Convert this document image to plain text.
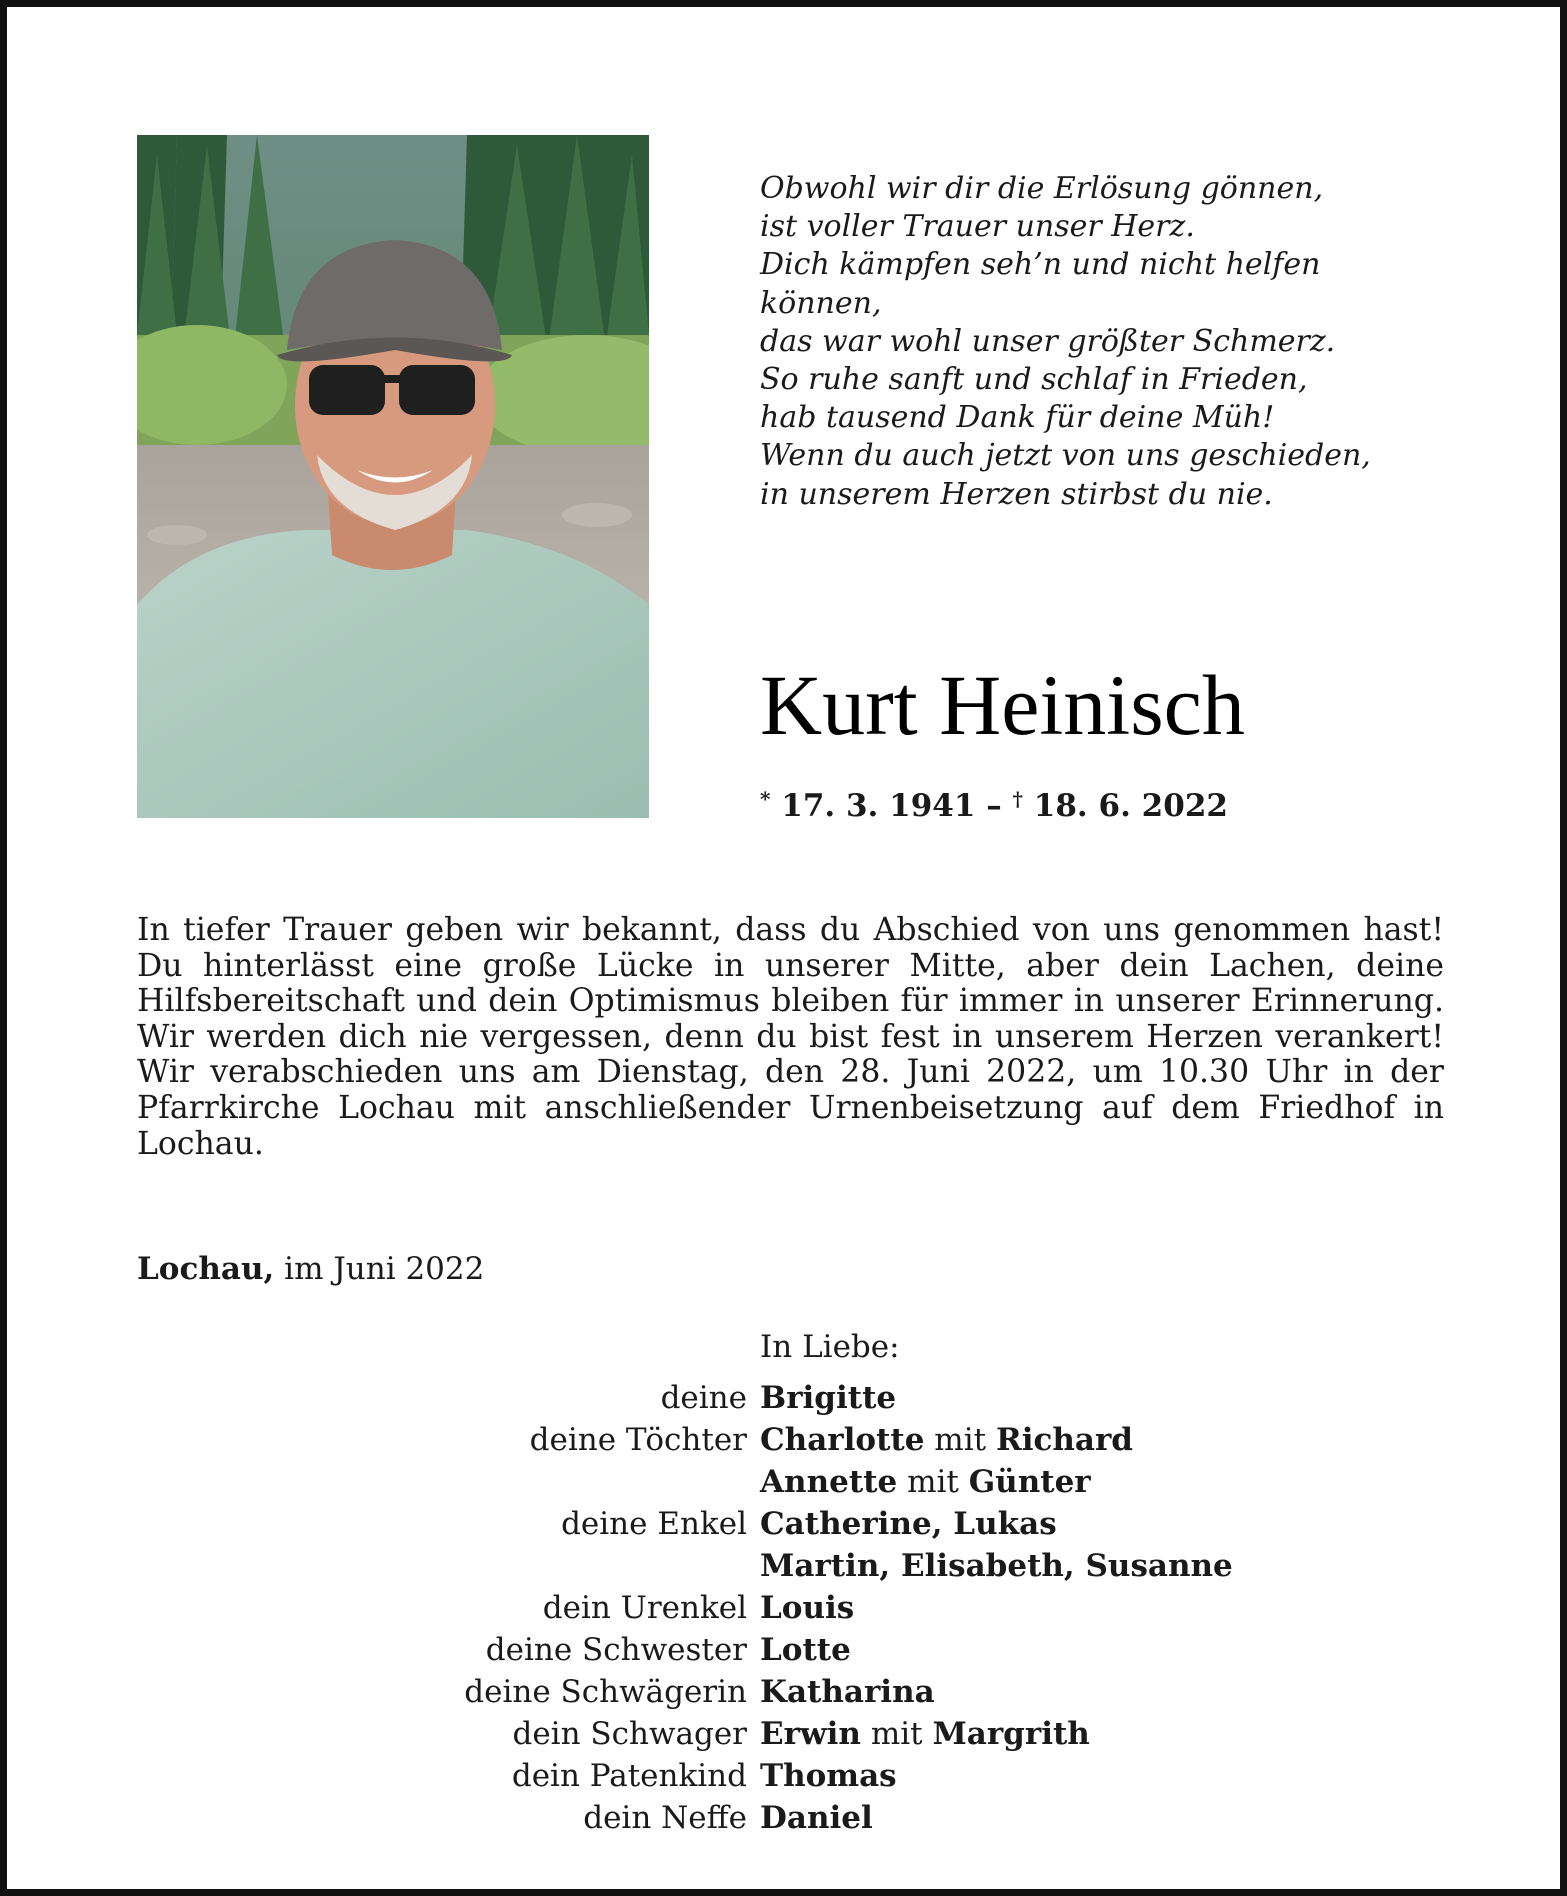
Obwohl wir dir die Erlösung gönnen,
ist voller Trauer unser Herz.
Dich kämpfen seh’n und nicht helfen
können,
das war wohl unser größter Schmerz.
So ruhe sanft und schlaf in Frieden,
hab tausend Dank für deine Müh!
Wenn du auch jetzt von uns geschieden,
in unserem Herzen stirbst du nie.
Kurt Heinisch
* 17. 3. 1941 – † 18. 6. 2022
In tiefer Trauer geben wir bekannt, dass du Abschied von uns genommen hast! Du hinterlässt eine große Lücke in unserer Mitte, aber dein Lachen, deine Hilfsbereitschaft und dein Optimismus bleiben für immer in unserer Erinnerung. Wir werden dich nie vergessen, denn du bist fest in unserem Herzen verankert! Wir verabschieden uns am Dienstag, den 28. Juni 2022, um 10.30 Uhr in der Pfarrkirche Lochau mit anschließender Urnenbeisetzung auf dem Friedhof in Lochau.
Lochau, im Juni 2022
In Liebe:
deine Brigitte
deine Töchter Charlotte mit Richard
Annette mit Günter
deine Enkel Catherine, Lukas
Martin, Elisabeth, Susanne
dein Urenkel Louis
deine Schwester Lotte
deine Schwägerin Katharina
dein Schwager Erwin mit Margrith
dein Patenkind Thomas
dein Neffe Daniel
